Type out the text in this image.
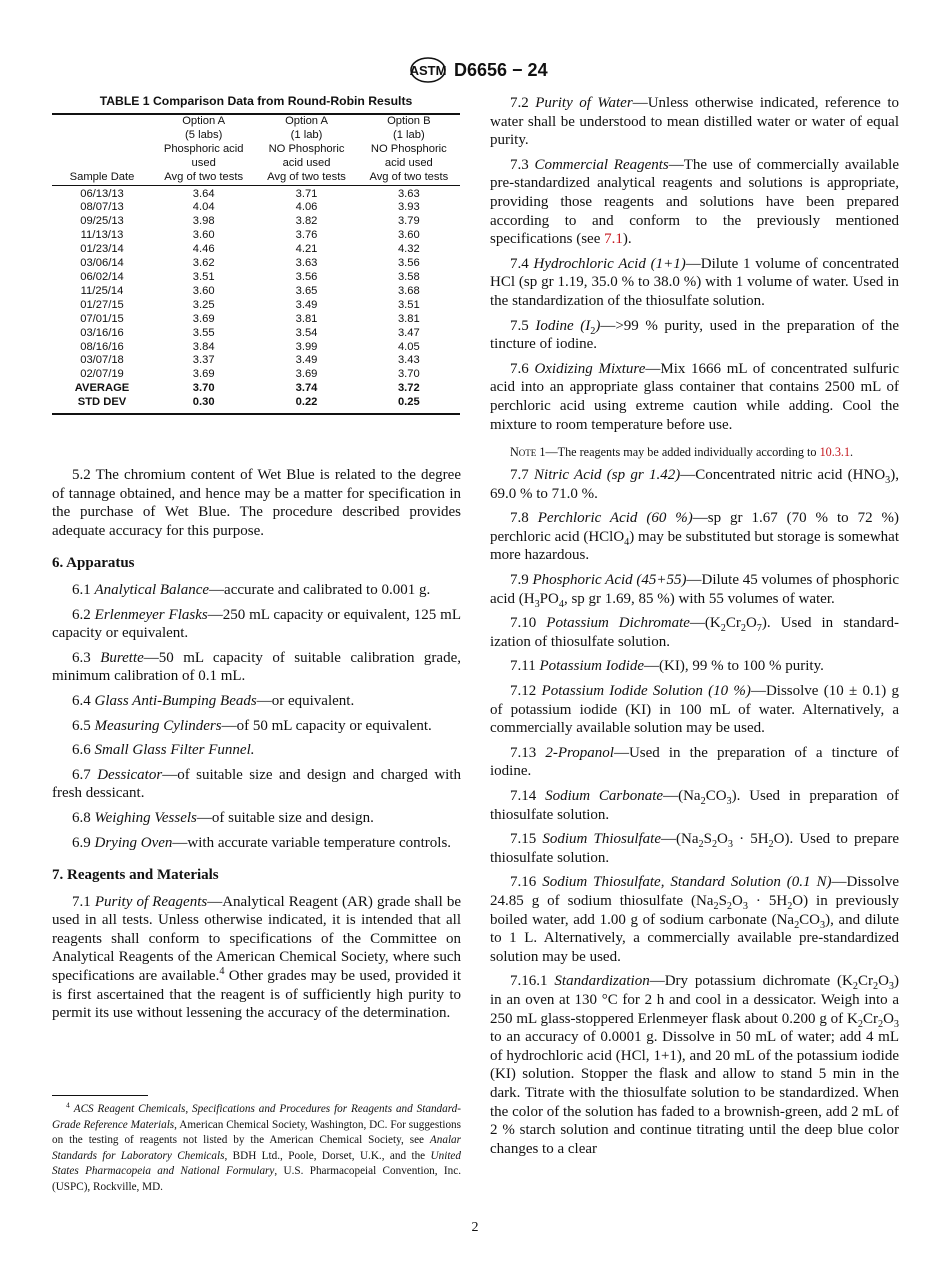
ASTM D6656 − 24
TABLE 1 Comparison Data from Round-Robin Results
	Option A	Option A	Option B
	(5 labs)	(1 lab)	(1 lab)
	Phosphoric acid	NO Phosphoric	NO Phosphoric
	used	acid used	acid used
Sample Date	Avg of two tests	Avg of two tests	Avg of two tests
06/13/13	3.64	3.71	3.63
08/07/13	4.04	4.06	3.93
09/25/13	3.98	3.82	3.79
11/13/13	3.60	3.76	3.60
01/23/14	4.46	4.21	4.32
03/06/14	3.62	3.63	3.56
06/02/14	3.51	3.56	3.58
11/25/14	3.60	3.65	3.68
01/27/15	3.25	3.49	3.51
07/01/15	3.69	3.81	3.81
03/16/16	3.55	3.54	3.47
08/16/16	3.84	3.99	4.05
03/07/18	3.37	3.49	3.43
02/07/19	3.69	3.69	3.70
AVERAGE	3.70	3.74	3.72
STD DEV	0.30	0.22	0.25

5.2 The chromium content of Wet Blue is related to the degree of tannage obtained, and hence may be a matter for specification in the purchase of Wet Blue. The procedure described provides adequate accuracy for this purpose.

6. Apparatus

6.1 Analytical Balance—accurate and calibrated to 0.001 g.

6.2 Erlenmeyer Flasks—250 mL capacity or equivalent, 125 mL capacity or equivalent.

6.3 Burette—50 mL capacity of suitable calibration grade, minimum calibration of 0.1 mL.

6.4 Glass Anti-Bumping Beads—or equivalent.

6.5 Measuring Cylinders—of 50 mL capacity or equivalent.

6.6 Small Glass Filter Funnel.

6.7 Dessicator—of suitable size and design and charged with fresh dessicant.

6.8 Weighing Vessels—of suitable size and design.

6.9 Drying Oven—with accurate variable temperature controls.

7. Reagents and Materials

7.1 Purity of Reagents—Analytical Reagent (AR) grade shall be used in all tests. Unless otherwise indicated, it is intended that all reagents shall conform to specifications of the Committee on Analytical Reagents of the American Chemical Society, where such specifications are available.$^4$ Other grades may be used, provided it is first ascertained that the reagent is of sufficiently high purity to permit its use without lessening the accuracy of the determination.

7.2 Purity of Water—Unless otherwise indicated, reference to water shall be understood to mean distilled water or water of equal purity.

7.3 Commercial Reagents—The use of commercially available pre-standardized analytical reagents and solutions is appropriate, providing those reagents and solutions have been prepared according to and conform to the previously mentioned specifications (see 7.1).

7.4 Hydrochloric Acid (1+1)—Dilute 1 volume of concentrated HCl (sp gr 1.19, 35.0 % to 38.0 %) with 1 volume of water. Used in the standardization of the thiosulfate solution.

7.5 Iodine $(I_2)—>99$ % purity, used in the preparation of the tincture of iodine.

7.6 Oxidizing Mixture—Mix 1666 mL of concentrated sulfuric acid into an appropriate glass container that contains 2500 mL of perchloric acid using extreme caution while adding. Cool the mixture to room temperature before use.

Note 1—The reagents may be added individually according to 10.3.1.

7.7 Nitric Acid (sp gr 1.42)—Concentrated nitric acid $(HNO_3)$, 69.0 % to 71.0 %.

7.8 Perchloric Acid (60 %)—sp gr 1.67 (70 % to 72 %) perchloric acid (HClO$_4$) may be substituted but storage is somewhat more hazardous.

7.9 Phosphoric Acid (45+55)—Dilute 45 volumes of phosphoric acid ($H_3PO_4$, sp gr 1.69, 85 %) with 55 volumes of water.

7.10 Potassium $Dichromate—(K_2Cr_2O_7)$. Used in standardization of thiosulfate solution.

7.11 Potassium Iodide—(KI), 99 % to 100 % purity.

7.12 Potassium Iodide Solution (10 %)—Dissolve (10 ± 0.1) g of potassium iodide (KI) in 100 mL of water. Alternatively, a commercially available solution may be used.

7.13 2-Propanol—Used in the preparation of a tincture of iodine.

7.14 Sodium $Carbonate—(Na_2CO_3)$. Used in preparation of thiosulfate solution.

7.15 Sodium $Thiosulfate—(Na_2S_2O_3 \cdot 5H_2O)$. Used to prepare thiosulfate solution.

7.16 Sodium Thiosulfate, Standard Solution (0.1 N)—Dissolve 24.85 g of sodium thiosulfate $(Na_2S_2O_3 \cdot 5H_2O)$ in previously boiled water, add 1.00 g of sodium carbonate $(Na_2CO_3)$, and dilute to 1 L. Alternatively, a commercially available pre-standardized solution may be used.

7.16.1 Standardization—Dry potassium dichromate $(K_2Cr_2O_3)$ in an oven at 130 °C for 2 h and cool in a dessicator. Weigh into a 250 mL glass-stoppered Erlenmeyer flask about 0.200 g of $K_2Cr_2O_3$ to an accuracy of 0.0001 g. Dissolve in 50 mL of water; add 4 mL of hydrochloric acid (HCl, 1+1), and 20 mL of the potassium iodide (KI) solution. Stopper the flask and allow to stand 5 min in the dark. Titrate with the thiosulfate solution to be standardized. When the color of the solution has faded to a brownish-green, add 2 mL of 2 % starch solution and continue titrating until the deep blue color changes to a clear

$^4$ ACS Reagent Chemicals, Specifications and Procedures for Reagents and Standard-Grade Reference Materials, American Chemical Society, Washington, DC. For suggestions on the testing of reagents not listed by the American Chemical Society, see Analar Standards for Laboratory Chemicals, BDH Ltd., Poole, Dorset, U.K., and the United States Pharmacopeia and National Formulary, U.S. Pharmacopeial Convention, Inc. (USPC), Rockville, MD.

2
